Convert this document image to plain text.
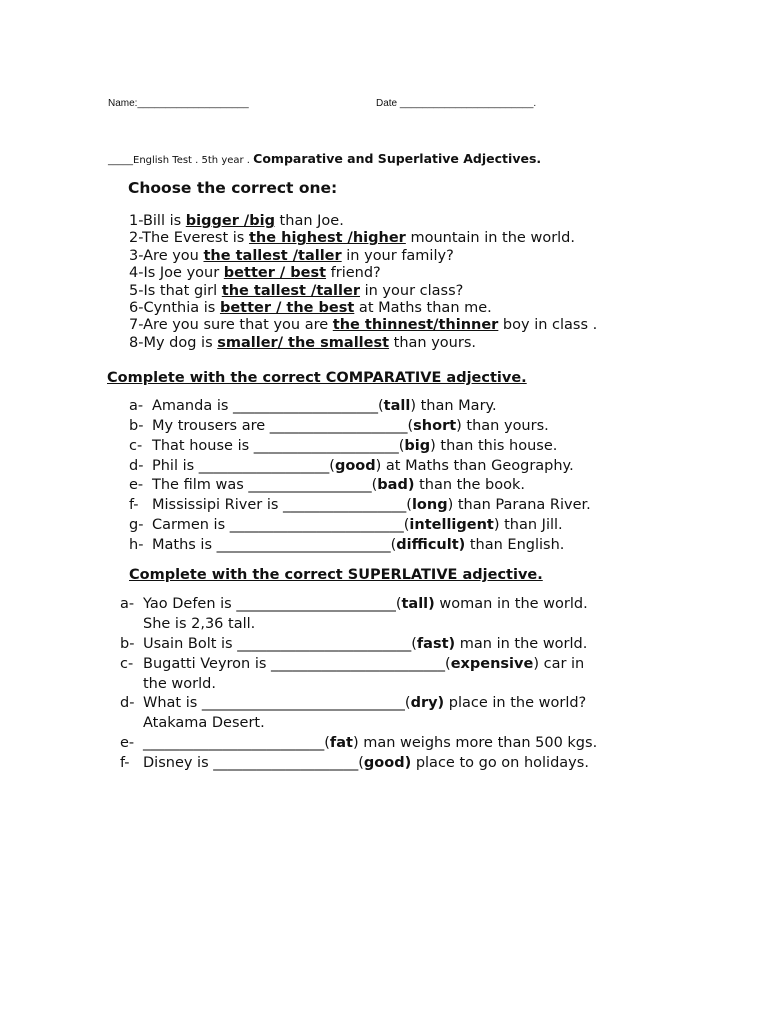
Name:____________________	Date ________________________.
_____English Test . 5th year . Comparative and Superlative Adjectives.
Choose the correct one:
1-Bill is bigger /big than Joe.
2-The Everest is the highest /higher mountain in the world.
3-Are you the tallest /taller in your family?
4-Is Joe your better / best friend?
5-Is that girl the tallest /taller in your class?
6-Cynthia is better / the best at Maths than me.
7-Are you sure that you are the thinnest/thinner boy in class .
8-My dog is smaller/ the smallest than yours.
Complete with the correct COMPARATIVE adjective.
a- Amanda is ____________________(tall) than Mary.
b- My trousers are ___________________(short) than yours.
c- That house is ____________________(big) than this house.
d- Phil is __________________(good) at Maths than Geography.
e- The film was _________________(bad) than the book.
f- Mississipi River is _________________(long) than Parana River.
g- Carmen is ________________________(intelligent) than Jill.
h- Maths is ________________________(difficult) than English.
Complete with the correct SUPERLATIVE adjective.
a- Yao Defen is ______________________(tall) woman in the world.
She is 2,36 tall.
b- Usain Bolt is ________________________(fast) man in the world.
c- Bugatti Veyron is ________________________(expensive) car in
the world.
d- What is ____________________________(dry) place in the world?
Atakama Desert.
e- _________________________(fat) man weighs more than 500 kgs.
f- Disney is ____________________(good) place to go on holidays.
